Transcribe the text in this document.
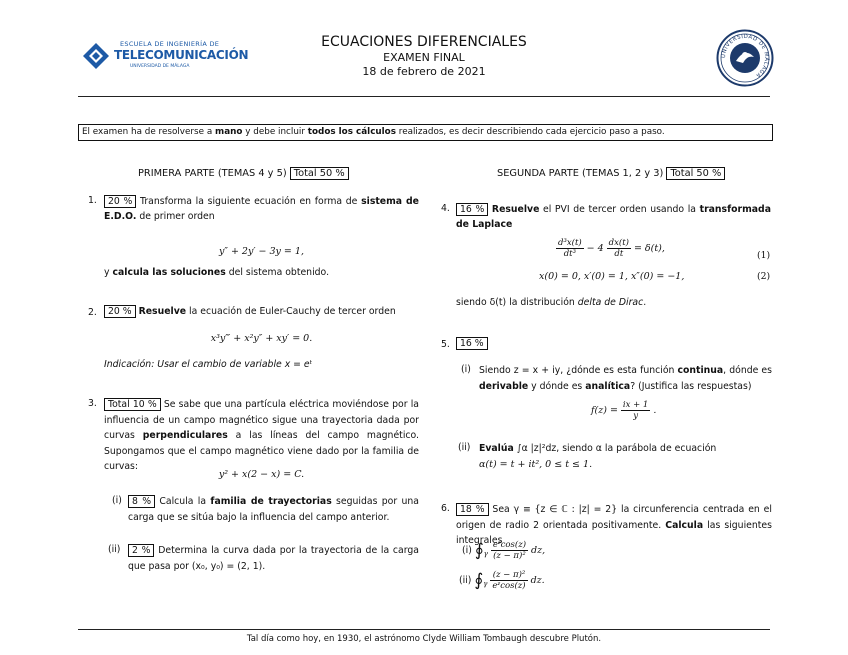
ESCUELA DE INGENIERÍA DE
TELECOMUNICACIÓN
UNIVERSIDAD DE MÁLAGA
ECUACIONES DIFERENCIALES
EXAMEN FINAL
18 de febrero de 2021
UNIVERSIDAD DE MÁLAGA
El examen ha de resolverse a mano y debe incluir todos los cálculos realizados, es decir describiendo cada ejercicio paso a paso.
PRIMERA PARTE (TEMAS 4 y 5) Total 50 %
1.	20 % Transforma la siguiente ecuación en forma de sistema de E.D.O. de primer orden
y″ + 2y′ − 3y = 1,
y calcula las soluciones del sistema obtenido.
2.	20 % Resuelve la ecuación de Euler-Cauchy de tercer orden
x³y‴ + x²y″ + xy′ = 0.
Indicación: Usar el cambio de variable x = eᵗ
3.	Total 10 % Se sabe que una partícula eléctrica moviéndose por la influencia de un campo magnético sigue una trayectoria dada por curvas perpendiculares a las líneas del campo magnético. Supongamos que el campo magnético viene dado por la familia de curvas:
y² + x(2 − x) = C.
(i)	8 % Calcula la familia de trayectorias seguidas por una carga que se sitúa bajo la influencia del campo anterior.
(ii)	2 % Determina la curva dada por la trayectoria de la carga que pasa por (x₀, y₀) = (2, 1).
SEGUNDA PARTE (TEMAS 1, 2 y 3) Total 50 %
4.	16 % Resuelve el PVI de tercer orden usando la transformada de Laplace
$\frac{\text{d³x(t)}}{\text{dt³}} - 4 \frac{dx(t)}{dt} = \delta(t)$,
(1)
x(0) = 0, x′(0) = 1, x″(0) = −1,	(2)
siendo δ(t) la distribución delta de Dirac.
5.	16 %
(i) Siendo z = x + iy, ¿dónde es esta función continua, dónde es derivable y dónde es analítica? (Justifica las respuestas)
$f(z) = \frac{ix + 1}{y}$ .
(ii) Evalúa ∫α |z|²dz, siendo α la parábola de ecuación
α(t) = t + it², 0 ≤ t ≤ 1.
6.	18 % Sea γ ≡ {z ∈ ℂ : |z| = 2} la circunferencia centrada en el origen de radio 2 orientada positivamente. Calcula las siguientes integrales
(i) $∮_\gamma \frac{\text{eᶻcos(z)}}{\text{(z − π)²}}$ dz,
(ii) $∮_\gamma \frac{\text{(z − π)²}}{\text{eᶻcos(z)}}$ dz.
Tal día como hoy, en 1930, el astrónomo Clyde William Tombaugh descubre Plutón.
